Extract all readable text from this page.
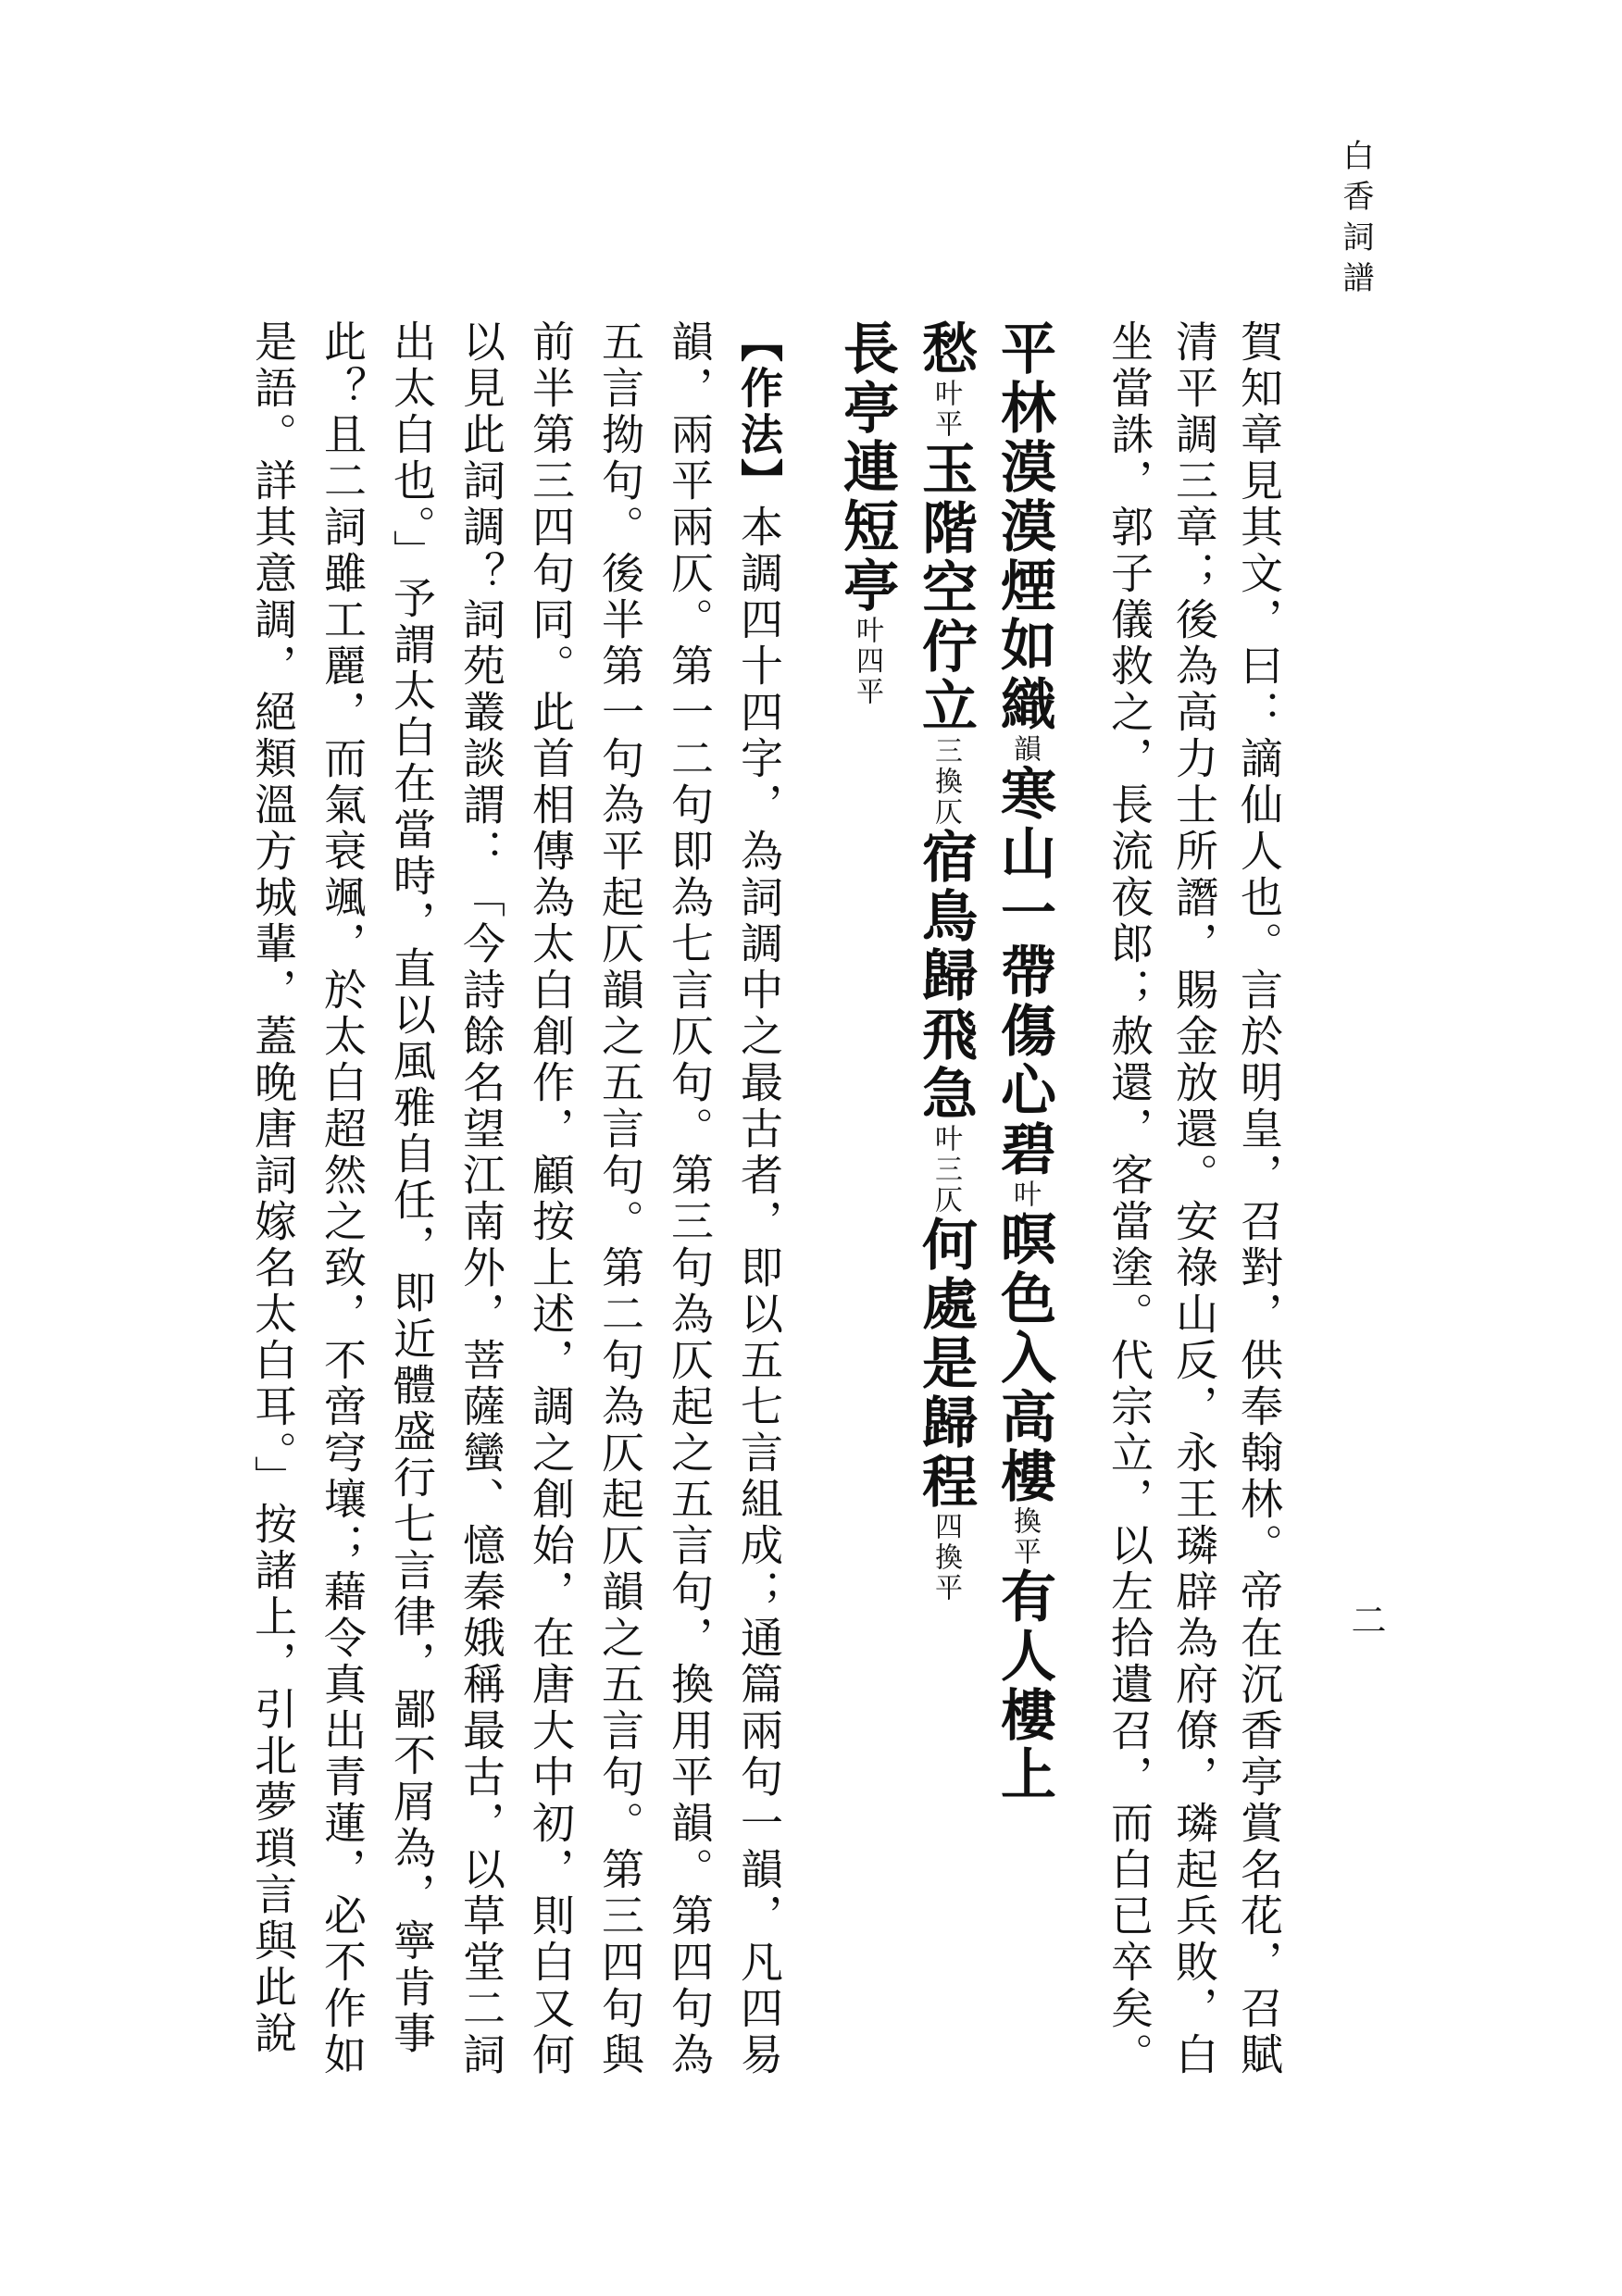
白香詞譜
二
賀知章見其文，曰：謫仙人也。言於明皇，召對，供奉翰林。帝在沉香亭賞名花，召賦
清平調三章；後為高力士所譖，賜金放還。安祿山反，永王璘辟為府僚，璘起兵敗，白
坐當誅，郭子儀救之，長流夜郎；赦還，客當塗。代宗立，以左拾遺召，而白已卒矣。
平林漠漠煙如織韻寒山一帶傷心碧叶暝色入高樓換平有人樓上
愁叶平玉階空佇立三換仄宿鳥歸飛急叶三仄何處是歸程四換平
長亭連短亭叶四平
【作法】本調四十四字，為詞調中之最古者，即以五七言組成；通篇兩句一韻，凡四易
韻，兩平兩仄。第一二句即為七言仄句。第三句為仄起之五言句，換用平韻。第四句為
五言拗句。後半第一句為平起仄韻之五言句。第二句為仄起仄韻之五言句。第三四句與
前半第三四句同。此首相傳為太白創作，顧按上述，調之創始，在唐大中初，則白又何
以見此詞調？詞苑叢談謂：「今詩餘名望江南外，菩薩蠻、憶秦娥稱最古，以草堂二詞
出太白也。」予謂太白在當時，直以風雅自任，即近體盛行七言律，鄙不屑為，寧肯事
此？且二詞雖工麗，而氣衰颯，於太白超然之致，不啻穹壤；藉令真出青蓮，必不作如
是語。詳其意調，絕類溫方城輩，蓋晚唐詞嫁名太白耳。」按諸上，引北夢瑣言與此說
